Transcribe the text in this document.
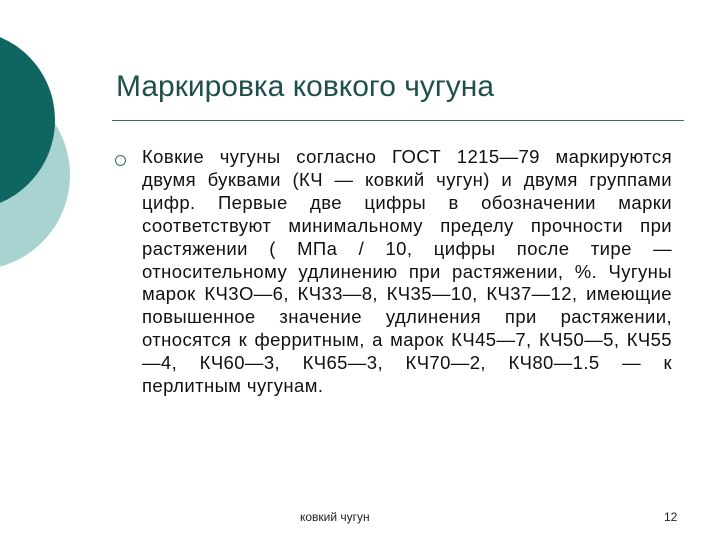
Маркировка ковкого чугуна
Ковкие чугуны согласно ГОСТ 1215—79 маркируются двумя буквами (КЧ — ковкий чугун) и двумя группами цифр. Первые две цифры в обозначении марки соответствуют минимальному пределу прочности при растяжении ( МПа / 10, цифры после тире — относительному удлинению при растяжении, %. Чугуны марок КЧ3О—6, КЧ33—8, КЧ35—10, КЧ37—12, имеющие повышенное значение удлинения при растяжении, относятся к ферритным, а марок КЧ45—7, КЧ50—5, КЧ55—4, КЧ60—3, КЧ65—3, КЧ70—2, КЧ80—1.5 — к перлитным чугунам.
ковкий чугун	12
